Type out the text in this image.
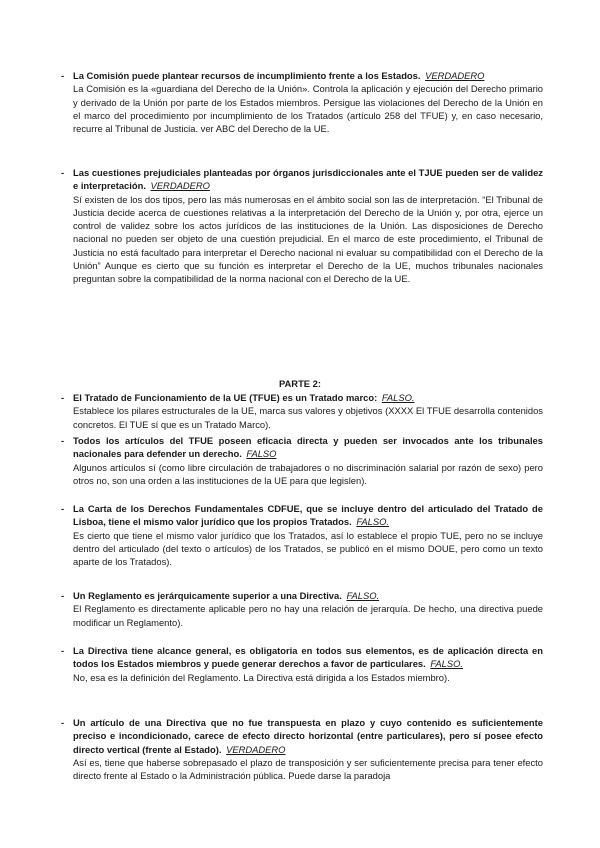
- La Comisión puede plantear recursos de incumplimiento frente a los Estados. VERDADERO
La Comisión es la «guardiana del Derecho de la Unión». Controla la aplicación y ejecución del Derecho primario y derivado de la Unión por parte de los Estados miembros. Persigue las violaciones del Derecho de la Unión en el marco del procedimiento por incumplimiento de los Tratados (artículo 258 del TFUE) y, en caso necesario, recurre al Tribunal de Justicia. ver ABC del Derecho de la UE.
- Las cuestiones prejudiciales planteadas por órganos jurisdiccionales ante el TJUE pueden ser de validez e interpretación. VERDADERO
Sí existen de los dos tipos, pero las más numerosas en el ámbito social son las de interpretación. “El Tribunal de Justicia decide acerca de cuestiones relativas a la interpretación del Derecho de la Unión y, por otra, ejerce un control de validez sobre los actos jurídicos de las instituciones de la Unión. Las disposiciones de Derecho nacional no pueden ser objeto de una cuestión prejudicial. En el marco de este procedimiento, el Tribunal de Justicia no está facultado para interpretar el Derecho nacional ni evaluar su compatibilidad con el Derecho de la Unión” Aunque es cierto que su función es interpretar el Derecho de la UE, muchos tribunales nacionales preguntan sobre la compatibilidad de la norma nacional con el Derecho de la UE.
PARTE 2:
- El Tratado de Funcionamiento de la UE (TFUE) es un Tratado marco: FALSO.
Establece los pilares estructurales de la UE, marca sus valores y objetivos (XXXX El TFUE desarrolla contenidos concretos. El TUE sí que es un Tratado Marco).
- Todos los artículos del TFUE poseen eficacia directa y pueden ser invocados ante los tribunales nacionales para defender un derecho. FALSO
Algunos artículos sí (como libre circulación de trabajadores o no discriminación salarial por razón de sexo) pero otros no, son una orden a las instituciones de la UE para que legislen).
- La Carta de los Derechos Fundamentales CDFUE, que se incluye dentro del articulado del Tratado de Lisboa, tiene el mismo valor jurídico que los propios Tratados. FALSO.
Es cierto que tiene el mismo valor jurídico que los Tratados, así lo establece el propio TUE, pero no se incluye dentro del articulado (del texto o artículos) de los Tratados, se publicó en el mismo DOUE, pero como un texto aparte de los Tratados).
- Un Reglamento es jerárquicamente superior a una Directiva. FALSO.
El Reglamento es directamente aplicable pero no hay una relación de jerarquía. De hecho, una directiva puede modificar un Reglamento).
- La Directiva tiene alcance general, es obligatoria en todos sus elementos, es de aplicación directa en todos los Estados miembros y puede generar derechos a favor de particulares. FALSO.
No, esa es la definición del Reglamento. La Directiva está dirigida a los Estados miembro).
- Un artículo de una Directiva que no fue transpuesta en plazo y cuyo contenido es suficientemente preciso e incondicionado, carece de efecto directo horizontal (entre particulares), pero sí posee efecto directo vertical (frente al Estado). VERDADERO
Así es, tiene que haberse sobrepasado el plazo de transposición y ser suficientemente precisa para tener efecto directo frente al Estado o la Administración pública. Puede darse la paradoja
